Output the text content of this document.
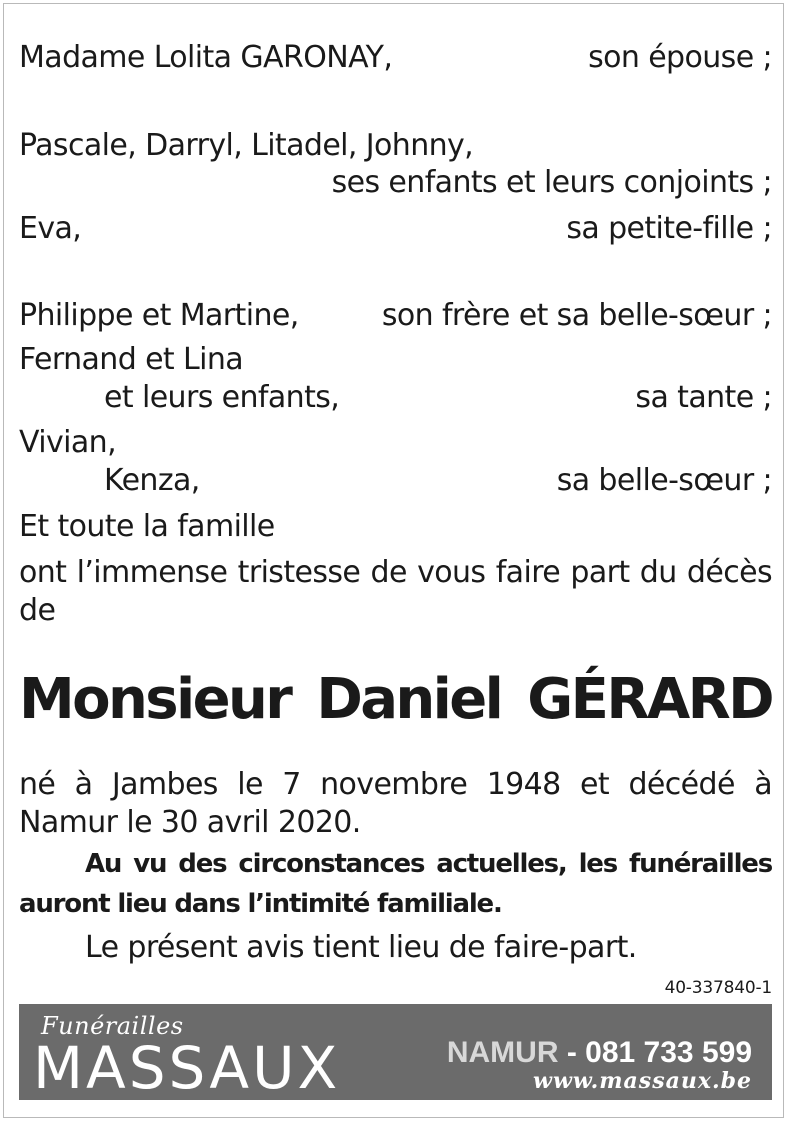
Madame Lolita GARONAY,	son épouse ;
Pascale, Darryl, Litadel, Johnny,
ses enfants et leurs conjoints ;
Eva,	sa petite-fille ;
Philippe et Martine,	son frère et sa belle-sœur ;
Fernand et Lina
et leurs enfants,	sa tante ;
Vivian,
Kenza,	sa belle-sœur ;
Et toute la famille
ont l’immense tristesse de vous faire part du décès de
Monsieur Daniel GÉRARD
né à Jambes le 7 novembre 1948 et décédé à Namur le 30 avril 2020.
Au vu des circonstances actuelles, les funérailles auront lieu dans l’intimité familiale.
Le présent avis tient lieu de faire-part.
40-337840-1
Funérailles
MASSAUX	NAMUR - 081 733 599
www.massaux.be
